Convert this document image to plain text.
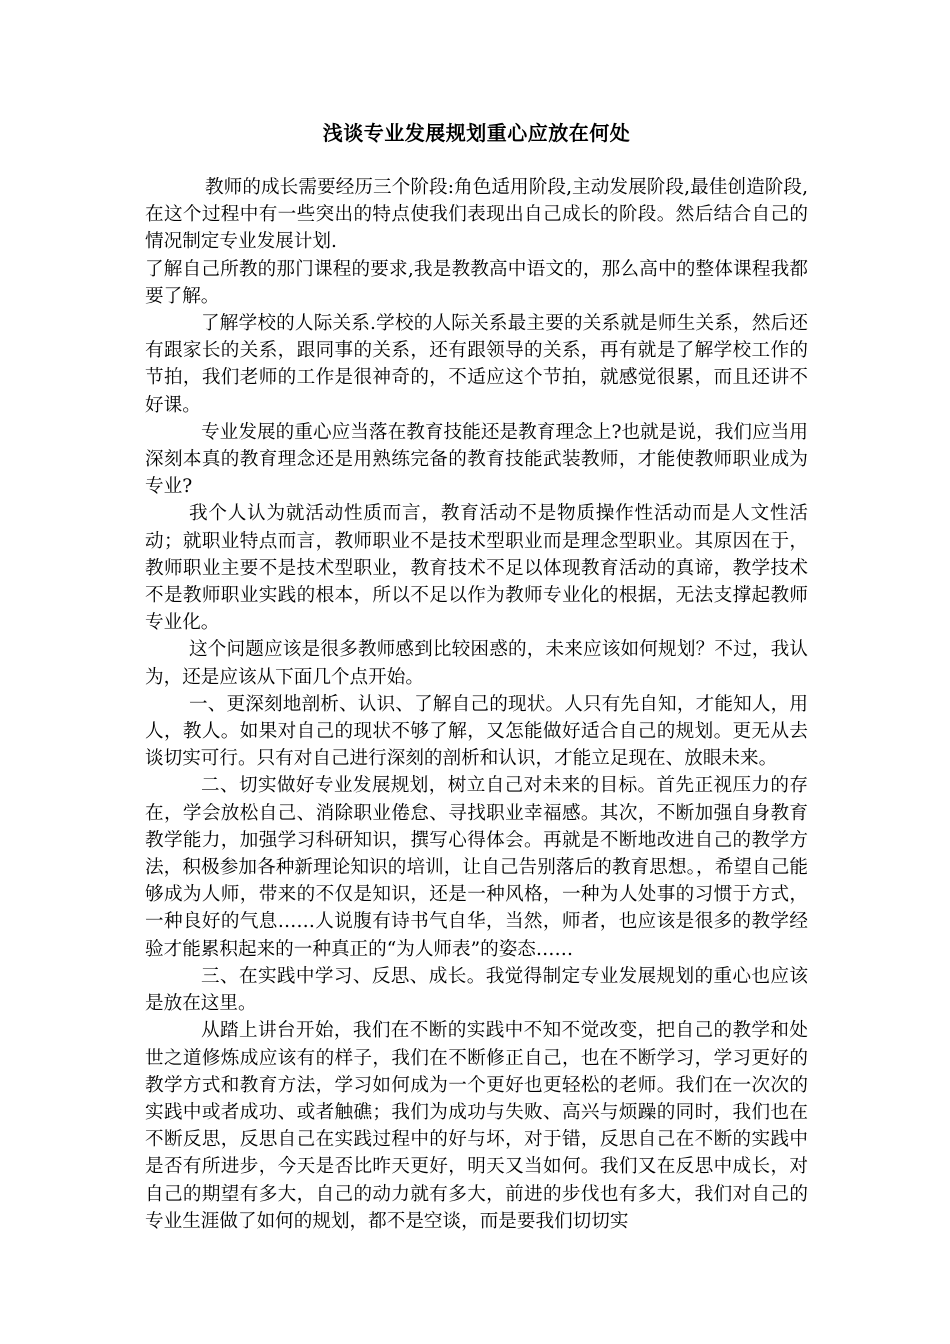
浅谈专业发展规划重心应放在何处

教师的成长需要经历三个阶段:角色适用阶段,主动发展阶段,最佳创造阶段,在这个过程中有一些突出的特点使我们表现出自己成长的阶段。然后结合自己的情况制定专业发展计划.

了解自己所教的那门课程的要求,我是教教高中语文的，那么高中的整体课程我都要了解。

了解学校的人际关系.学校的人际关系最主要的关系就是师生关系，然后还有跟家长的关系，跟同事的关系，还有跟领导的关系，再有就是了解学校工作的节拍，我们老师的工作是很神奇的，不适应这个节拍，就感觉很累，而且还讲不好课。

专业发展的重心应当落在教育技能还是教育理念上?也就是说，我们应当用深刻本真的教育理念还是用熟练完备的教育技能武装教师，才能使教师职业成为专业?

我个人认为就活动性质而言，教育活动不是物质操作性活动而是人文性活动；就职业特点而言，教师职业不是技术型职业而是理念型职业。其原因在于，教师职业主要不是技术型职业，教育技术不足以体现教育活动的真谛，教学技术不是教师职业实践的根本，所以不足以作为教师专业化的根据，无法支撑起教师专业化。

这个问题应该是很多教师感到比较困惑的，未来应该如何规划？不过，我认为，还是应该从下面几个点开始。

一、更深刻地剖析、认识、了解自己的现状。人只有先自知，才能知人，用人，教人。如果对自己的现状不够了解，又怎能做好适合自己的规划。更无从去谈切实可行。只有对自己进行深刻的剖析和认识，才能立足现在、放眼未来。

二、切实做好专业发展规划，树立自己对未来的目标。首先正视压力的存在，学会放松自己、消除职业倦怠、寻找职业幸福感。其次，不断加强自身教育教学能力，加强学习科研知识，撰写心得体会。再就是不断地改进自己的教学方法，积极参加各种新理论知识的培训，让自己告别落后的教育思想。，希望自己能够成为人师，带来的不仅是知识，还是一种风格，一种为人处事的习惯于方式，一种良好的气息……人说腹有诗书气自华，当然，师者，也应该是很多的教学经验才能累积起来的一种真正的“为人师表”的姿态……

三、在实践中学习、反思、成长。我觉得制定专业发展规划的重心也应该是放在这里。

从踏上讲台开始，我们在不断的实践中不知不觉改变，把自己的教学和处世之道修炼成应该有的样子，我们在不断修正自己，也在不断学习，学习更好的教学方式和教育方法，学习如何成为一个更好也更轻松的老师。我们在一次次的实践中或者成功、或者触礁；我们为成功与失败、高兴与烦躁的同时，我们也在不断反思，反思自己在实践过程中的好与坏，对于错，反思自己在不断的实践中是否有所进步，今天是否比昨天更好，明天又当如何。我们又在反思中成长，对自己的期望有多大，自己的动力就有多大，前进的步伐也有多大，我们对自己的专业生涯做了如何的规划，都不是空谈，而是要我们切切实
